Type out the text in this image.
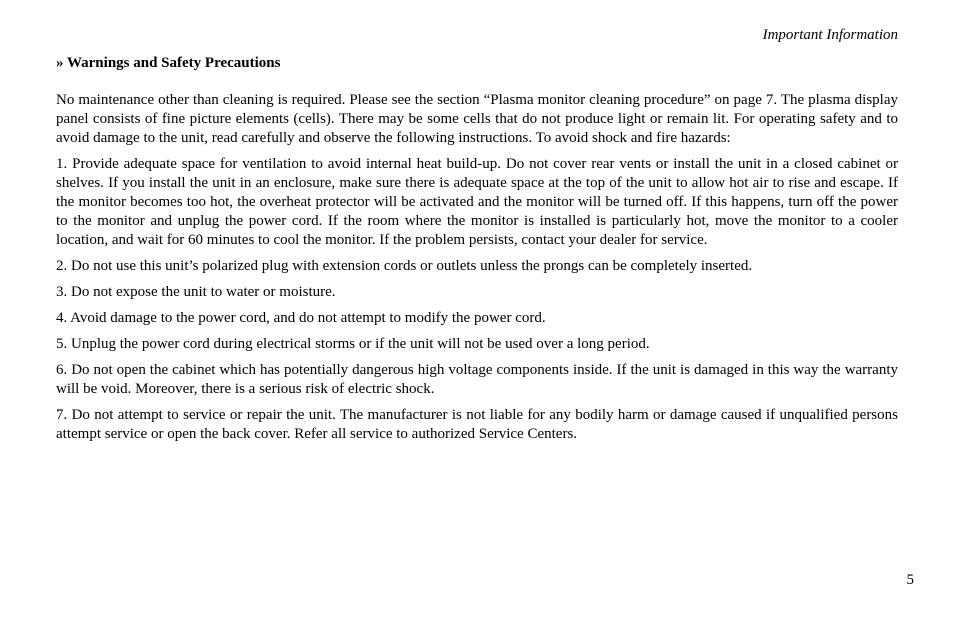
Important Information
» Warnings and Safety Precautions
No maintenance other than cleaning is required. Please see the section “Plasma monitor cleaning procedure” on page 7. The plasma display panel consists of fine picture elements (cells). There may be some cells that do not produce light or remain lit. For operating safety and to avoid damage to the unit, read carefully and observe the following instructions. To avoid shock and fire hazards:
1. Provide adequate space for ventilation to avoid internal heat build-up. Do not cover rear vents or install the unit in a closed cabinet or shelves. If you install the unit in an enclosure, make sure there is adequate space at the top of the unit to allow hot air to rise and escape. If the monitor becomes too hot, the overheat protector will be activated and the monitor will be turned off. If this happens, turn off the power to the monitor and unplug the power cord. If the room where the monitor is installed is particularly hot, move the monitor to a cooler location, and wait for 60 minutes to cool the monitor. If the problem persists, contact your dealer for service.
2. Do not use this unit’s polarized plug with extension cords or outlets unless the prongs can be completely inserted.
3. Do not expose the unit to water or moisture.
4. Avoid damage to the power cord, and do not attempt to modify the power cord.
5. Unplug the power cord during electrical storms or if the unit will not be used over a long period.
6. Do not open the cabinet which has potentially dangerous high voltage components inside. If the unit is damaged in this way the warranty will be void. Moreover, there is a serious risk of electric shock.
7. Do not attempt to service or repair the unit. The manufacturer is not liable for any bodily harm or damage caused if unqualified persons attempt service or open the back cover. Refer all service to authorized Service Centers.
5
